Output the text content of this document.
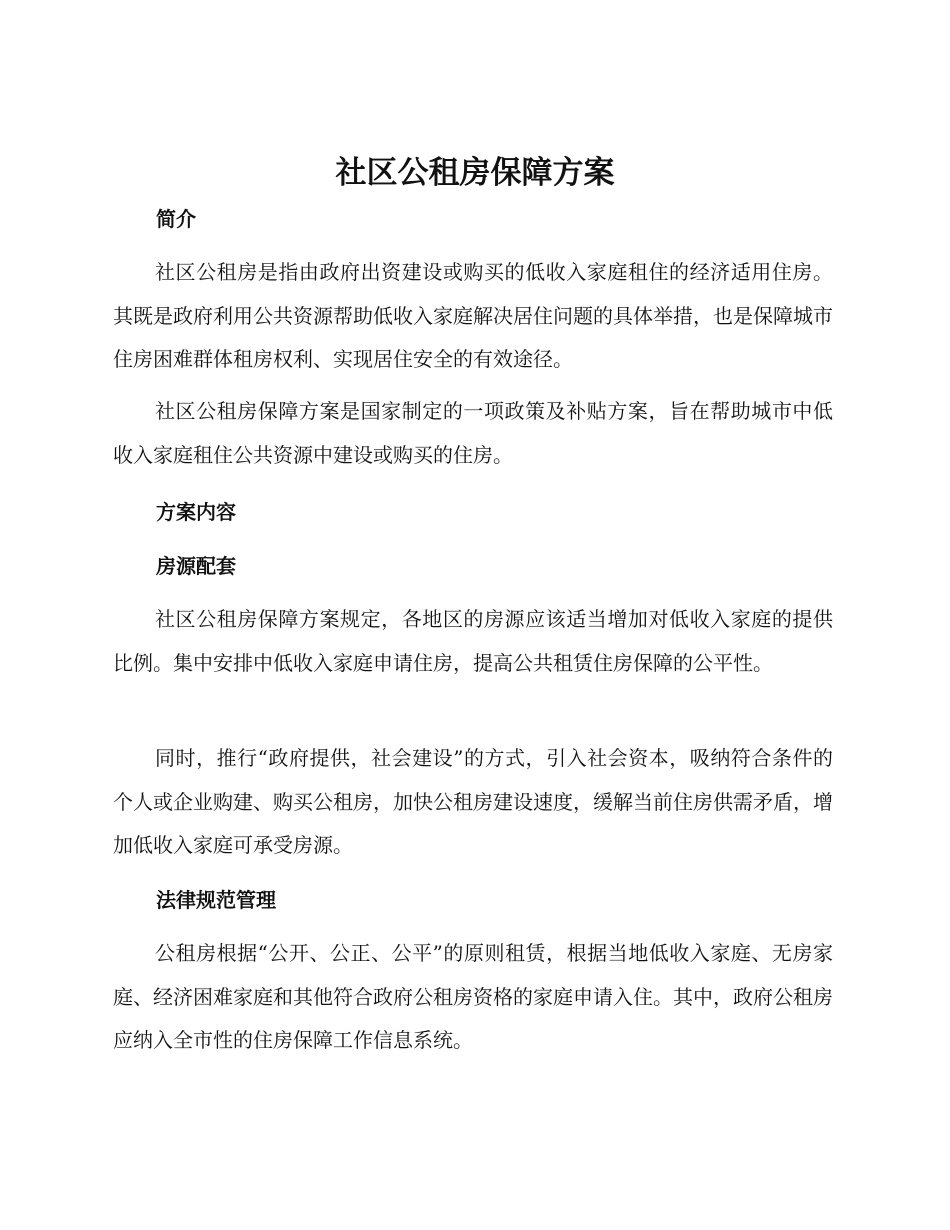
社区公租房保障方案
简介

社区公租房是指由政府出资建设或购买的低收入家庭租住的经济适用住房。其既是政府利用公共资源帮助低收入家庭解决居住问题的具体举措，也是保障城市住房困难群体租房权利、实现居住安全的有效途径。

社区公租房保障方案是国家制定的一项政策及补贴方案，旨在帮助城市中低收入家庭租住公共资源中建设或购买的住房。

方案内容
房源配套

社区公租房保障方案规定，各地区的房源应该适当增加对低收入家庭的提供比例。集中安排中低收入家庭申请住房，提高公共租赁住房保障的公平性。

同时，推行“政府提供，社会建设”的方式，引入社会资本，吸纳符合条件的个人或企业购建、购买公租房，加快公租房建设速度，缓解当前住房供需矛盾，增加低收入家庭可承受房源。

法律规范管理

公租房根据“公开、公正、公平”的原则租赁，根据当地低收入家庭、无房家庭、经济困难家庭和其他符合政府公租房资格的家庭申请入住。其中，政府公租房应纳入全市性的住房保障工作信息系统。
